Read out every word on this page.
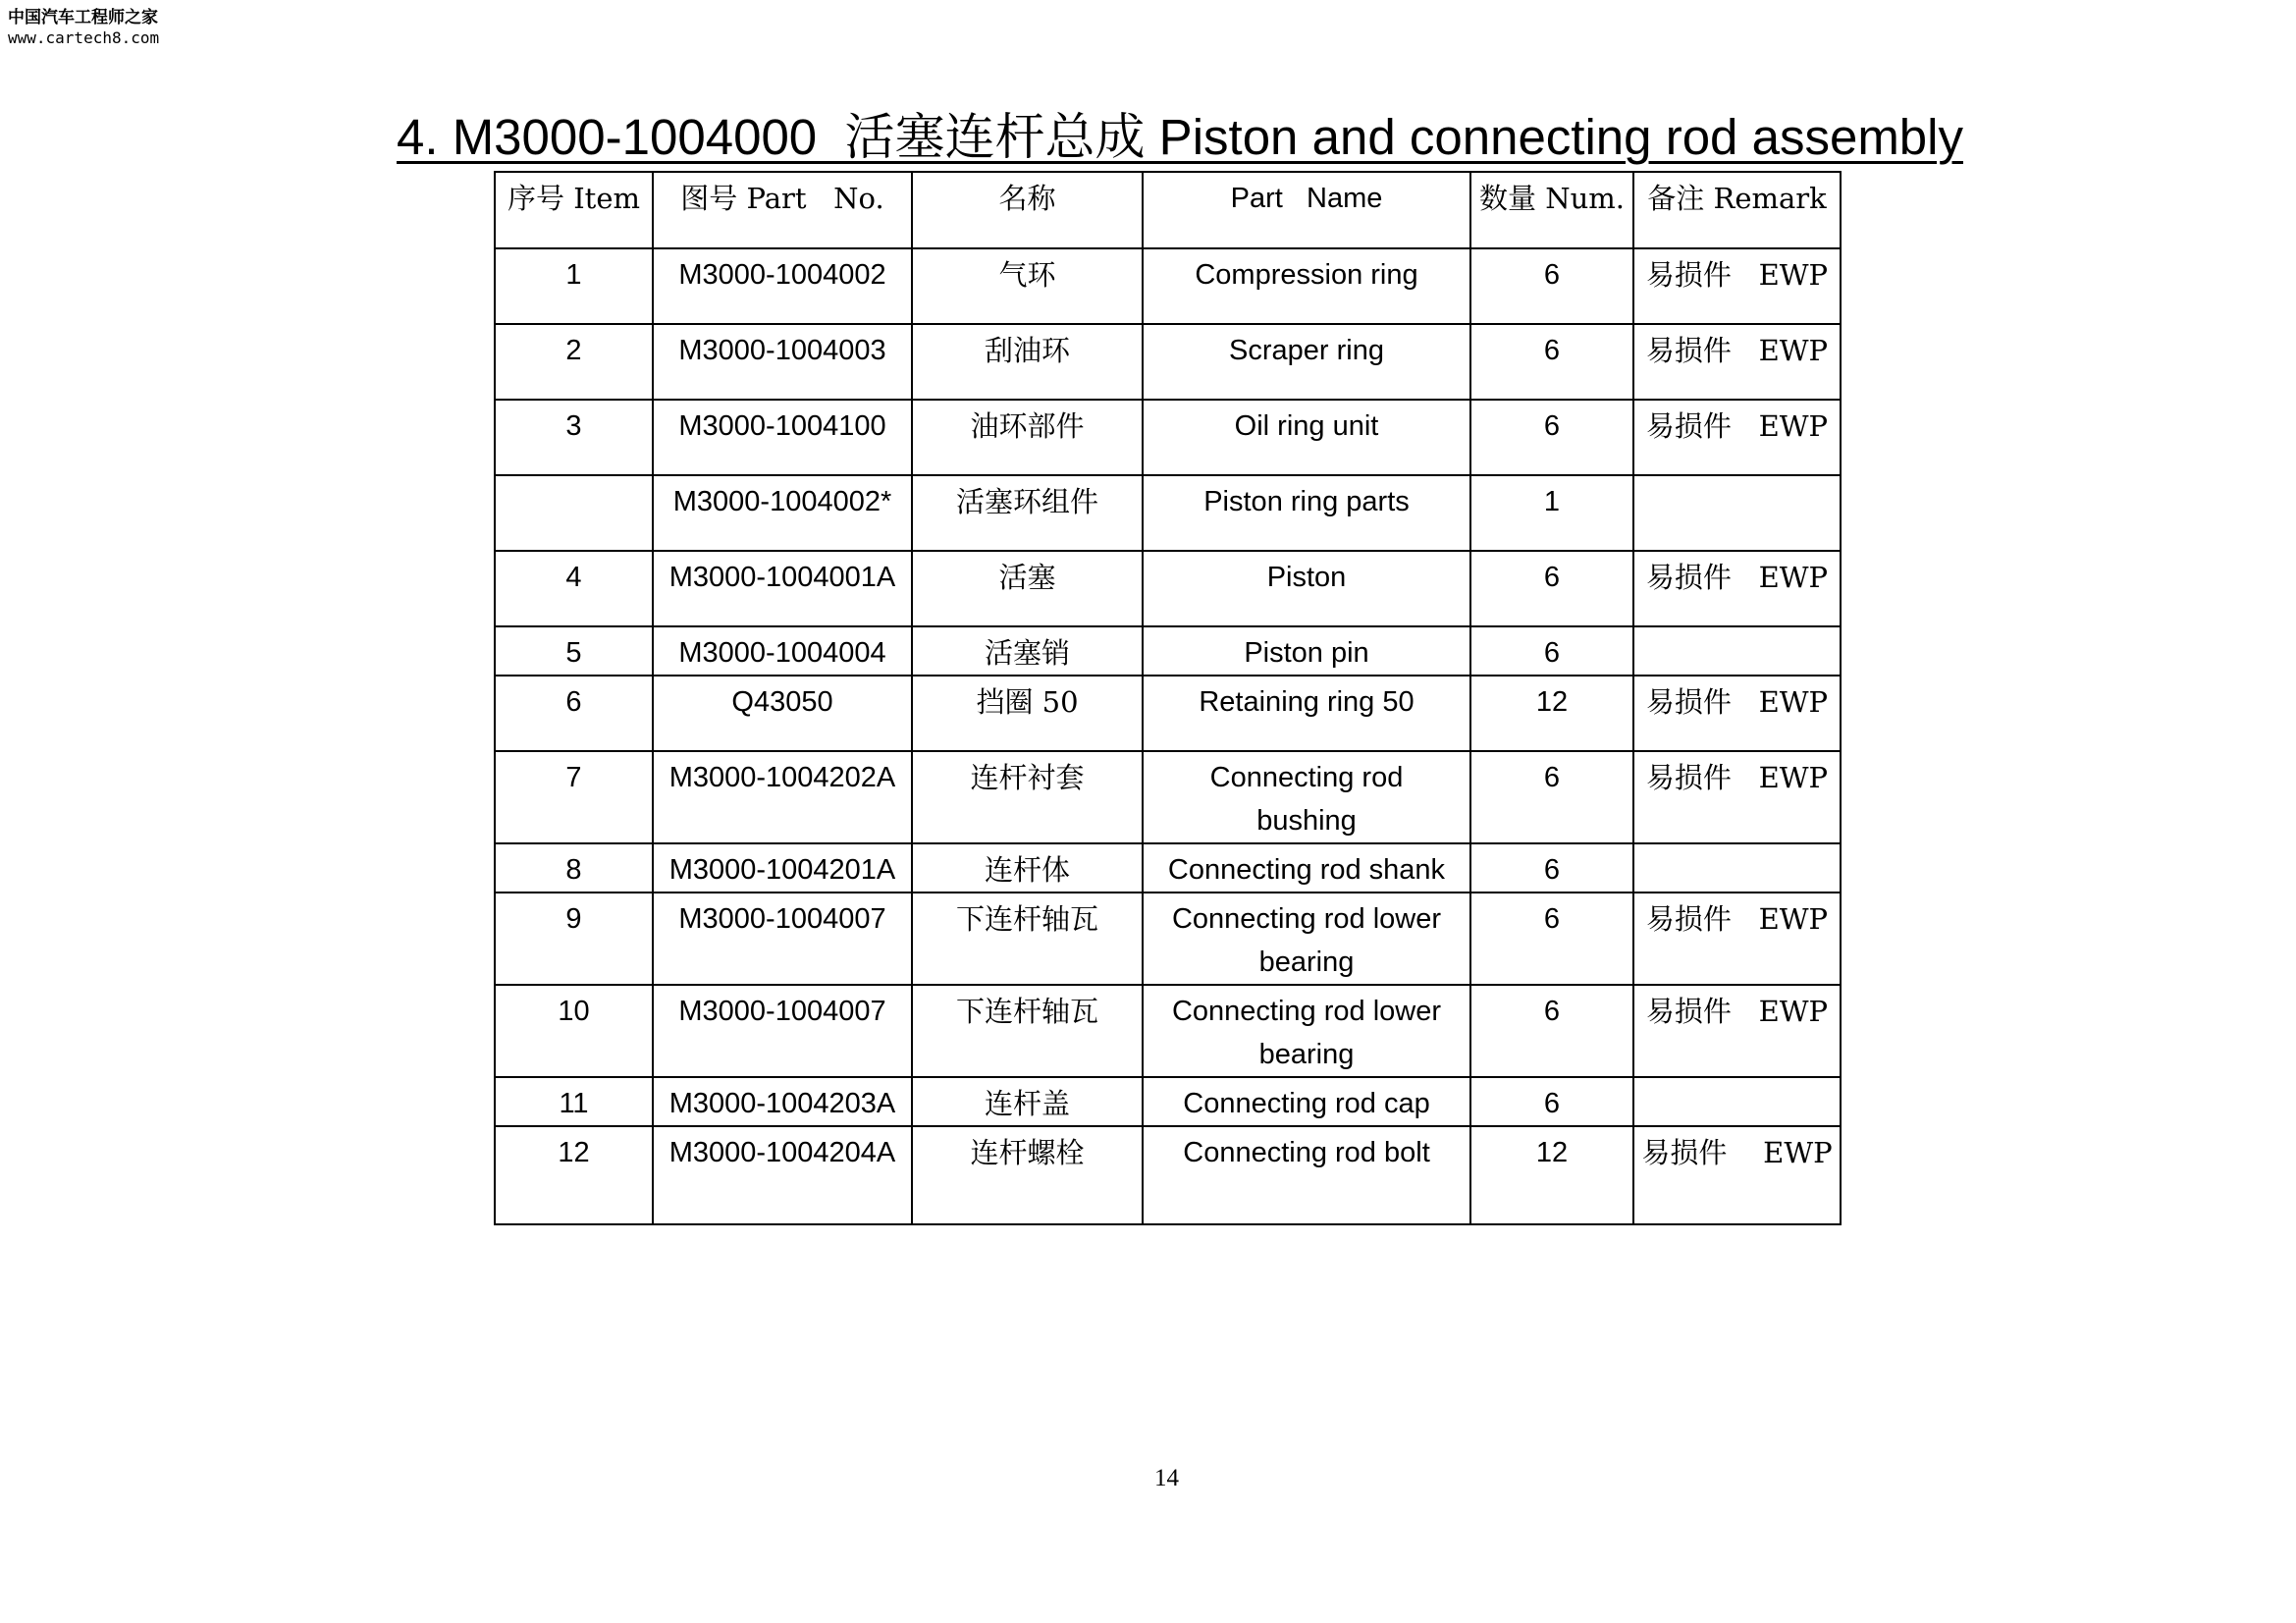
中国汽车工程师之家
www.cartech8.com
4. M3000-1004000  活塞连杆总成 Piston and connecting rod assembly
序号 Item	图号 Part   No.	名称	Part   Name	数量 Num.	备注 Remark

1	M3000-1004002	气环	Compression ring	6	易损件   EWP

2	M3000-1004003	刮油环	Scraper ring	6	易损件   EWP

3	M3000-1004100	油环部件	Oil ring unit	6	易损件   EWP

	M3000-1004002*	活塞环组件	Piston ring parts	1	

4	M3000-1004001A	活塞	Piston	6	易损件   EWP

5	M3000-1004004	活塞销	Piston pin	6	

6	Q43050	挡圈 50	Retaining ring 50	12	易损件   EWP

7	M3000-1004202A	连杆衬套	Connecting rod bushing	6	易损件   EWP

8	M3000-1004201A	连杆体	Connecting rod shank	6	

9	M3000-1004007	下连杆轴瓦	Connecting rod lower bearing	6	易损件   EWP

10	M3000-1004007	下连杆轴瓦	Connecting rod lower bearing	6	易损件   EWP

11	M3000-1004203A	连杆盖	Connecting rod cap	6	

12	M3000-1004204A	连杆螺栓	Connecting rod bolt	12	易损件    EWP
14
